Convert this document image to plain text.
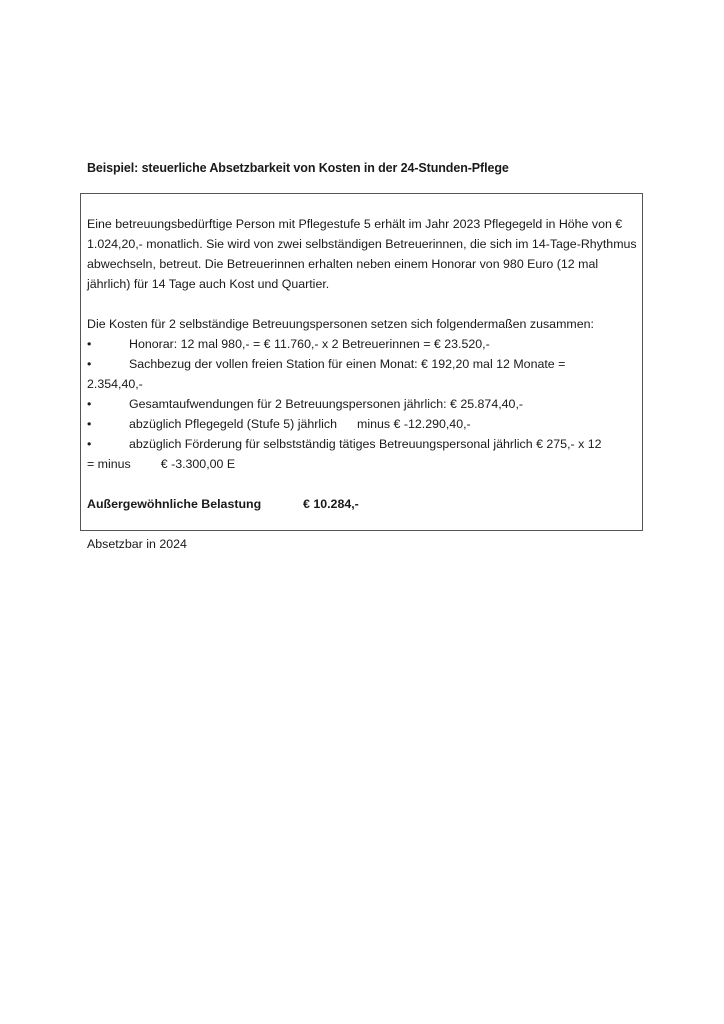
Beispiel: steuerliche Absetzbarkeit von Kosten in der 24-Stunden-Pflege

Eine betreuungsbedürftige Person mit Pflegestufe 5 erhält im Jahr 2023 Pflegegeld in Höhe von € 1.024,20,- monatlich. Sie wird von zwei selbständigen Betreuerinnen, die sich im 14-Tage-Rhythmus abwechseln, betreut. Die Betreuerinnen erhalten neben einem Honorar von 980 Euro (12 mal jährlich) für 14 Tage auch Kost und Quartier.

Die Kosten für 2 selbständige Betreuungspersonen setzen sich folgendermaßen zusammen:

•	Honorar: 12 mal 980,- = € 11.760,- x 2 Betreuerinnen = € 23.520,-
•	Sachbezug der vollen freien Station für einen Monat: € 192,20 mal 12 Monate =
2.354,40,-
•	Gesamtaufwendungen für 2 Betreuungspersonen jährlich: € 25.874,40,-
•	abzüglich Pflegegeld (Stufe 5) jährlich minus € -12.290,40,-
•	abzüglich Förderung für selbstständig tätiges Betreuungspersonal jährlich € 275,- x 12
= minus € -3.300,00 E
Außergewöhnliche Belastung	€ 10.284,-

Absetzbar in 2024
